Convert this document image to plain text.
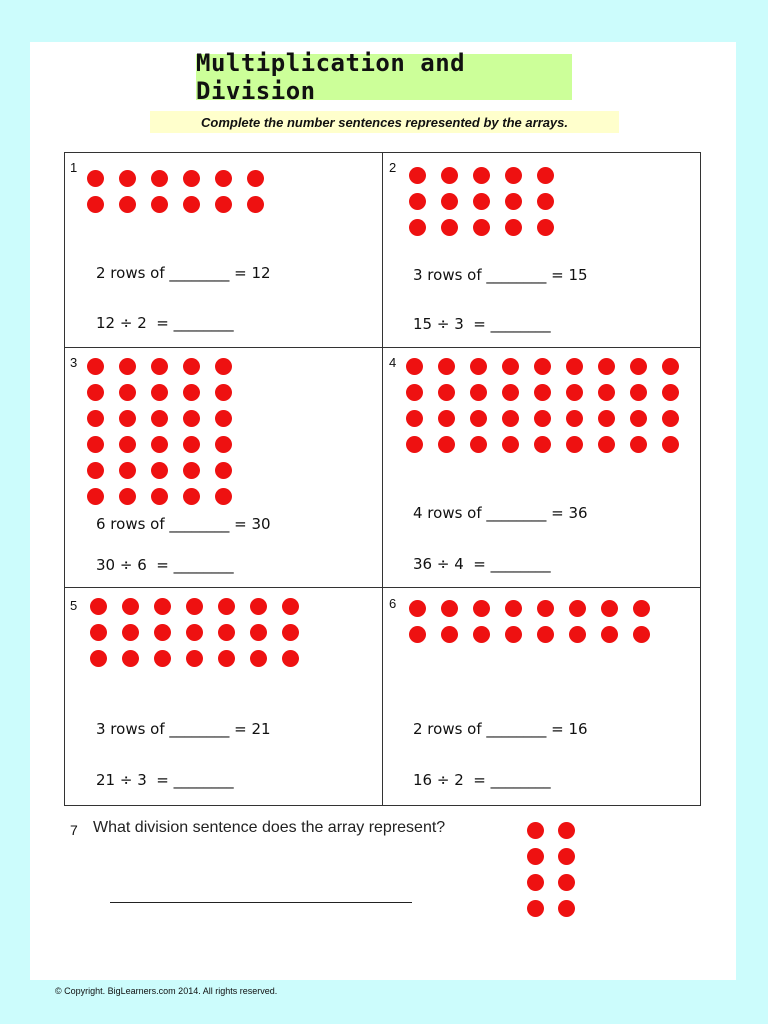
Multiplication and Division
Complete the number sentences represented by the arrays.
1
2 rows of ________ = 12
12 ÷ 2  = ________
2
3 rows of ________ = 15
15 ÷ 3  = ________
3
6 rows of ________ = 30
30 ÷ 6  = ________
4
4 rows of ________ = 36
36 ÷ 4  = ________
5
3 rows of ________ = 21
21 ÷ 3  = ________
6
2 rows of ________ = 16
16 ÷ 2  = ________
7 What division sentence does the array represent?
© Copyright. BigLearners.com 2014. All rights reserved.
